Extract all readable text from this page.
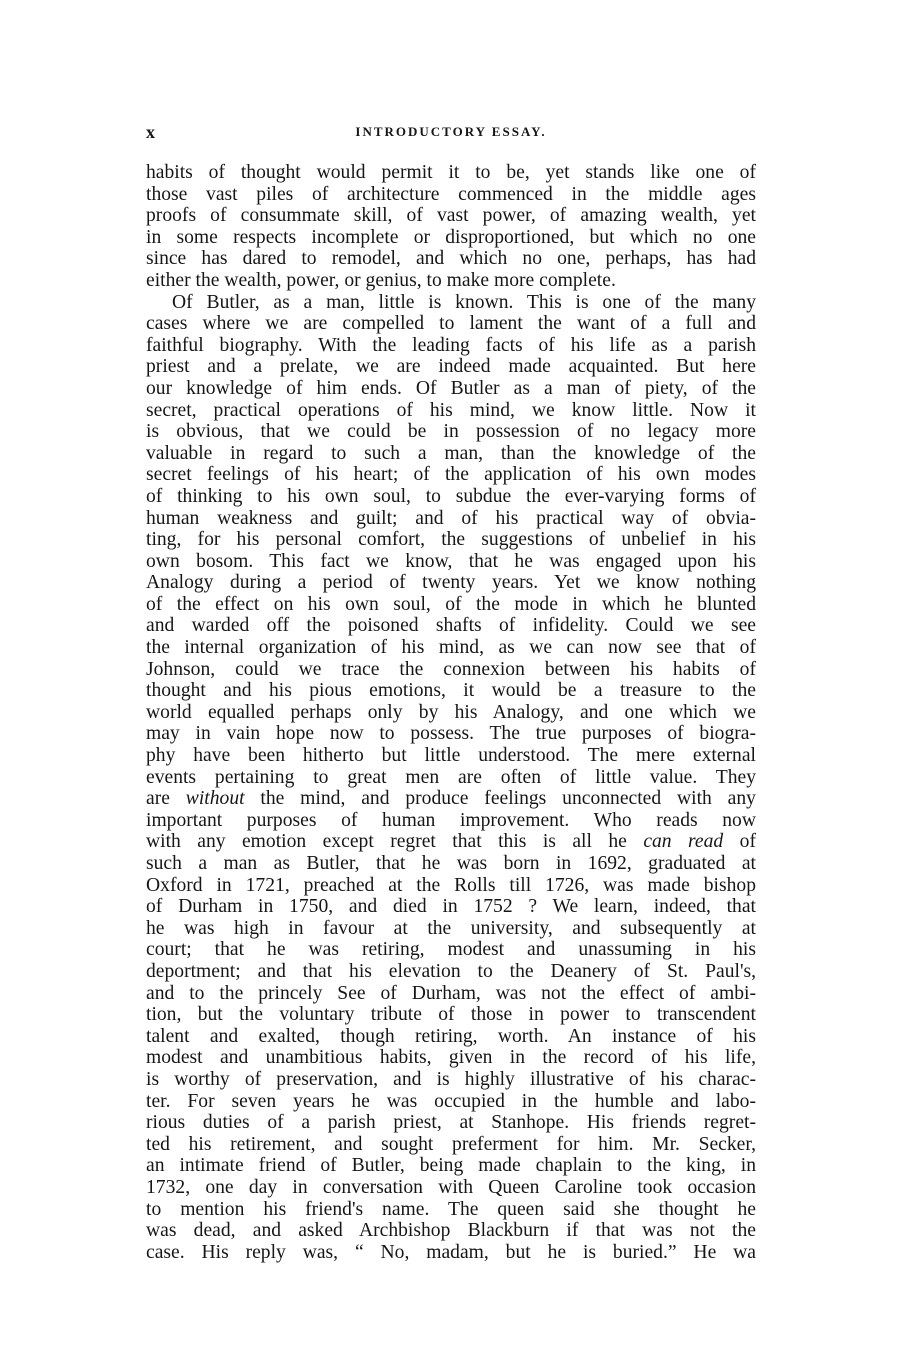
x	INTRODUCTORY ESSAY.
habits of thought would permit it to be, yet stands like one of
those vast piles of architecture commenced in the middle ages
proofs of consummate skill, of vast power, of amazing wealth, yet
in some respects incomplete or disproportioned, but which no one
since has dared to remodel, and which no one, perhaps, has had
either the wealth, power, or genius, to make more complete.
Of Butler, as a man, little is known. This is one of the many
cases where we are compelled to lament the want of a full and
faithful biography. With the leading facts of his life as a parish
priest and a prelate, we are indeed made acquainted. But here
our knowledge of him ends. Of Butler as a man of piety, of the
secret, practical operations of his mind, we know little. Now it
is obvious, that we could be in possession of no legacy more
valuable in regard to such a man, than the knowledge of the
secret feelings of his heart; of the application of his own modes
of thinking to his own soul, to subdue the ever-varying forms of
human weakness and guilt; and of his practical way of obvia-
ting, for his personal comfort, the suggestions of unbelief in his
own bosom. This fact we know, that he was engaged upon his
Analogy during a period of twenty years. Yet we know nothing
of the effect on his own soul, of the mode in which he blunted
and warded off the poisoned shafts of infidelity. Could we see
the internal organization of his mind, as we can now see that of
Johnson, could we trace the connexion between his habits of
thought and his pious emotions, it would be a treasure to the
world equalled perhaps only by his Analogy, and one which we
may in vain hope now to possess. The true purposes of biogra-
phy have been hitherto but little understood. The mere external
events pertaining to great men are often of little value. They
are without the mind, and produce feelings unconnected with any
important purposes of human improvement. Who reads now
with any emotion except regret that this is all he can read of
such a man as Butler, that he was born in 1692, graduated at
Oxford in 1721, preached at the Rolls till 1726, was made bishop
of Durham in 1750, and died in 1752 ? We learn, indeed, that
he was high in favour at the university, and subsequently at
court; that he was retiring, modest and unassuming in his
deportment; and that his elevation to the Deanery of St. Paul's,
and to the princely See of Durham, was not the effect of ambi-
tion, but the voluntary tribute of those in power to transcendent
talent and exalted, though retiring, worth. An instance of his
modest and unambitious habits, given in the record of his life,
is worthy of preservation, and is highly illustrative of his charac-
ter. For seven years he was occupied in the humble and labo-
rious duties of a parish priest, at Stanhope. His friends regret-
ted his retirement, and sought preferment for him. Mr. Secker,
an intimate friend of Butler, being made chaplain to the king, in
1732, one day in conversation with Queen Caroline took occasion
to mention his friend's name. The queen said she thought he
was dead, and asked Archbishop Blackburn if that was not the
case. His reply was, “ No, madam, but he is buried.” He wa
